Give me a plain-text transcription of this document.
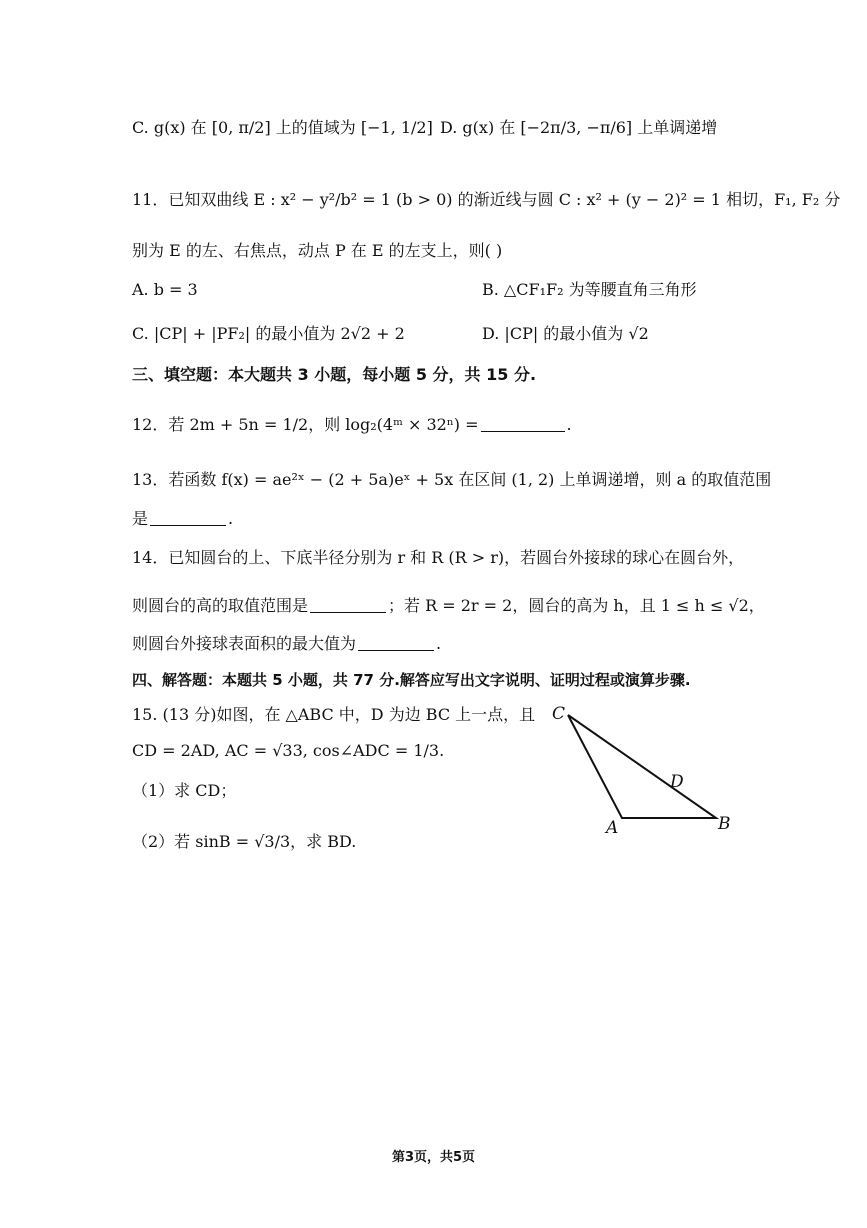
C. g(x) 在 [0, π/2] 上的值域为 [−1, 1/2] D. g(x) 在 [−2π/3, −π/6] 上单调递增
11．已知双曲线 E : x² − y²/b² = 1 (b > 0) 的渐近线与圆 C : x² + (y − 2)² = 1 相切，F₁, F₂ 分
别为 E 的左、右焦点，动点 P 在 E 的左支上，则( )
A. b = 3	B. △CF₁F₂ 为等腰直角三角形
C. |CP| + |PF₂| 的最小值为 2√2 + 2	D. |CP| 的最小值为 √2
三、填空题：本大题共 3 小题，每小题 5 分，共 15 分.
12．若 2m + 5n = 1/2，则 log₂(4ᵐ × 32ⁿ) =	.
13．若函数 f(x) = ae²ˣ − (2 + 5a)eˣ + 5x 在区间 (1, 2) 上单调递增，则 a 的取值范围
是	.
14．已知圆台的上、下底半径分别为 r 和 R (R > r)，若圆台外接球的球心在圆台外，
则圆台的高的取值范围是	；若 R = 2r = 2，圆台的高为 h，且 1 ≤ h ≤ √2，
则圆台外接球表面积的最大值为	.
四、解答题：本题共 5 小题，共 77 分.解答应写出文字说明、证明过程或演算步骤.
15. (13 分)如图，在 △ABC 中，D 为边 BC 上一点，且
CD = 2AD, AC = √33, cos∠ADC = 1/3.
（1）求 CD；
（2）若 sinB = √3/3，求 BD.
C
D
A	B
第3页，共5页
